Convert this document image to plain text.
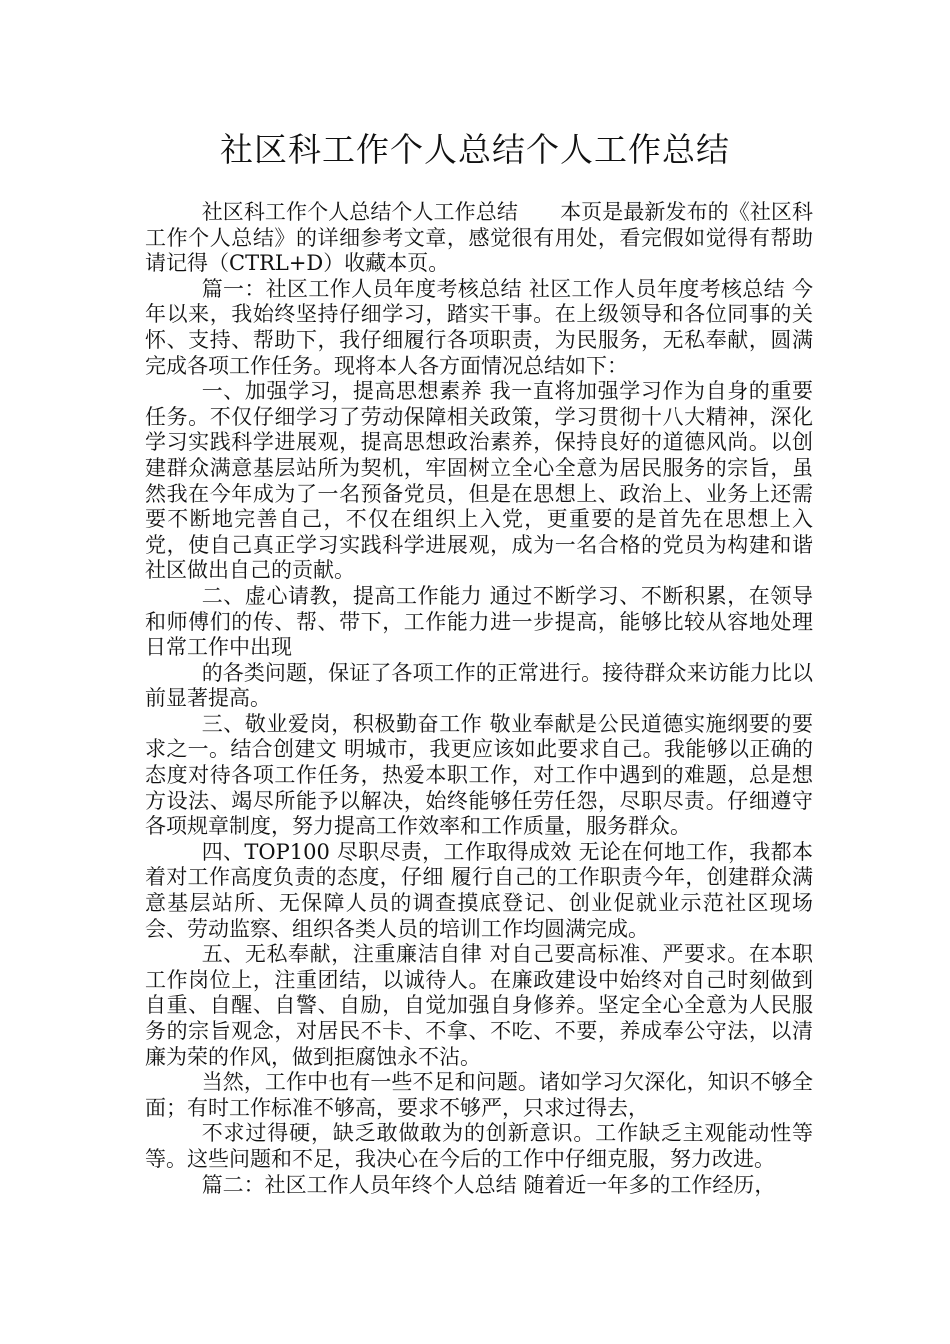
社区科工作个人总结个人工作总结

社区科工作个人总结个人工作总结　　本页是最新发布的《社区科工作个人总结》的详细参考文章，感觉很有用处，看完假如觉得有帮助请记得（CTRL+D）收藏本页。

篇一：社区工作人员年度考核总结 社区工作人员年度考核总结 今年以来，我始终坚持仔细学习，踏实干事。在上级领导和各位同事的关怀、支持、帮助下，我仔细履行各项职责，为民服务，无私奉献，圆满完成各项工作任务。现将本人各方面情况总结如下：

一、加强学习，提高思想素养 我一直将加强学习作为自身的重要任务。不仅仔细学习了劳动保障相关政策，学习贯彻十八大精神，深化学习实践科学进展观，提高思想政治素养，保持良好的道德风尚。以创建群众满意基层站所为契机，牢固树立全心全意为居民服务的宗旨，虽然我在今年成为了一名预备党员，但是在思想上、政治上、业务上还需要不断地完善自己，不仅在组织上入党，更重要的是首先在思想上入党，使自己真正学习实践科学进展观，成为一名合格的党员为构建和谐社区做出自己的贡献。

二、虚心请教，提高工作能力 通过不断学习、不断积累，在领导和师傅们的传、帮、带下，工作能力进一步提高，能够比较从容地处理日常工作中出现

的各类问题，保证了各项工作的正常进行。接待群众来访能力比以前显著提高。

三、敬业爱岗，积极勤奋工作 敬业奉献是公民道德实施纲要的要求之一。结合创建文 明城市，我更应该如此要求自己。我能够以正确的态度对待各项工作任务，热爱本职工作，对工作中遇到的难题，总是想方设法、竭尽所能予以解决，始终能够任劳任怨，尽职尽责。仔细遵守各项规章制度，努力提高工作效率和工作质量，服务群众。

四、TOP100 尽职尽责，工作取得成效 无论在何地工作，我都本着对工作高度负责的态度，仔细 履行自己的工作职责今年，创建群众满意基层站所、无保障人员的调查摸底登记、创业促就业示范社区现场会、劳动监察、组织各类人员的培训工作均圆满完成。

五、无私奉献，注重廉洁自律 对自己要高标准、严要求。在本职工作岗位上，注重团结，以诚待人。在廉政建设中始终对自己时刻做到自重、自醒、自警、自励，自觉加强自身修养。坚定全心全意为人民服务的宗旨观念，对居民不卡、不拿、不吃、不要，养成奉公守法，以清廉为荣的作风，做到拒腐蚀永不沾。

当然，工作中也有一些不足和问题。诸如学习欠深化，知识不够全面；有时工作标准不够高，要求不够严，只求过得去，

不求过得硬，缺乏敢做敢为的创新意识。工作缺乏主观能动性等等。这些问题和不足，我决心在今后的工作中仔细克服，努力改进。

篇二：社区工作人员年终个人总结 随着近一年多的工作经历，
